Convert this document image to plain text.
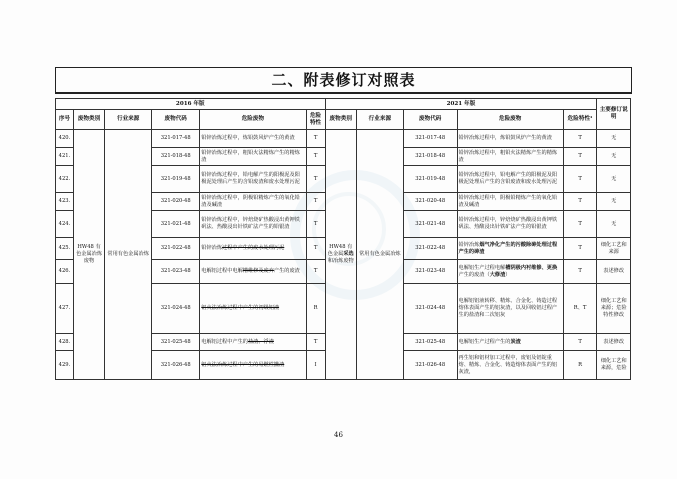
二、附表修订对照表
2016 年版						2021 年版					主要修订说明
序号	废物类别	行业来源	废物代码	危险废物	危险特性	废物类别	行业来源	废物代码	危险废物	危险特性¹	
420.	HW48 有色金属冶炼废物	常用有色金属冶炼	321-017-48	铅锌冶炼过程中，炼铅鼓风炉产生的黄渣	T	HW48 有色金属采选和冶炼废物	常用有色金属冶炼	321-017-48	铅锌冶炼过程中，炼铅鼓风炉产生的黄渣	T	无
421.			321-018-48	铅锌冶炼过程中，粗铅火法精炼产生的精炼渣	T			321-018-48	铅锌冶炼过程中，粗铅火法精炼产生的精炼渣	T	无
422.			321-019-48	铅锌冶炼过程中，铅电解产生的阳极泥及阳极泥处理后产生的含铅废渣和废水处理污泥	T			321-019-48	铅锌冶炼过程中，铅电解产生的阳极泥及阳极泥处理后产生的含铅废渣和废水处理污泥	T	无
423.			321-020-48	铅锌冶炼过程中，阴极铅精炼产生的氧化铅渣及碱渣	T			321-020-48	铅锌冶炼过程中，阴极铅精炼产生的氧化铅渣及碱渣	T	无
424.			321-021-48	铅锌冶炼过程中，锌焙烧矿热酸浸出黄钾铁矾法、热酸浸出针铁矿法产生的铅银渣	T			321-021-48	铅锌冶炼过程中，锌焙烧矿热酸浸出黄钾铁矾法、热酸浸出针铁矿法产生的铅银渣	T	无
425.			321-022-48	铅锌冶炼过程中产生的废水处理污泥	T			321-022-48	铅锌冶炼烟气净化产生的污酸除砷处理过程产生的砷渣	T	细化工艺和来源
426.			321-023-48	电解铝过程中电解槽维修及废弃产生的废渣	T			321-023-48	电解铝生产过程电解槽阴极内衬维修、更换产生的废渣（大修渣）	T	表述修改
427.			321-024-48	铝火法冶炼过程中产生的初级铝渣	R			321-024-48	电解铝铝液转移、精炼、合金化、铸造过程熔体表面产生的铝灰渣，以及回收铝过程产生的盐渣和二次铝灰	R、T	细化工艺和来源；危险特性修改
428.			321-025-48	电解铝过程中产生的盐渣、浮渣	T			321-025-48	电解铝生产过程产生的炭渣	T	表述修改
429.			321-026-48	铝火法冶炼过程中产生的易燃性撇渣	I			321-026-48	再生铝和铝材加工过程中，废铝及铝锭重熔、精炼、合金化、铸造熔体表面产生的铝灰渣，	R	细化工艺和来源，危险
46
